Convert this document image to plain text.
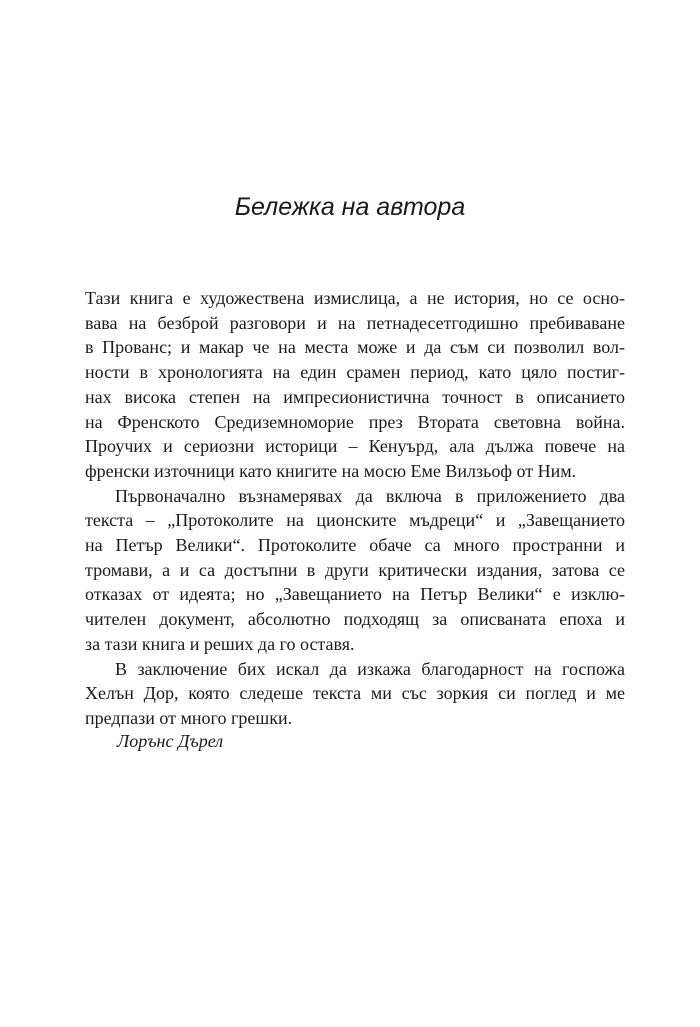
Бележка на автора
Тази книга е художествена измислица, а не история, но се осно-
вава на безброй разговори и на петнадесетгодишно пребиваване
в Прованс; и макар че на места може и да съм си позволил вол-
ности в хронологията на един срамен период, като цяло постиг-
нах висока степен на импресионистична точност в описанието
на Френското Средиземноморие през Втората световна война.
Проучих и сериозни историци – Кенуърд, ала дължа повече на
френски източници като книгите на мосю Еме Вилзьоф от Ним.
Първоначално възнамерявах да включа в приложението два
текста – „Протоколите на ционските мъдреци“ и „Завещанието
на Петър Велики“. Протоколите обаче са много пространни и
тромави, а и са достъпни в други критически издания, затова се
отказах от идеята; но „Завещанието на Петър Велики“ е изклю-
чителен документ, абсолютно подходящ за описваната епоха и
за тази книга и реших да го оставя.
В заключение бих искал да изкажа благодарност на госпожа
Хелън Дор, която следеше текста ми със зоркия си поглед и ме
предпази от много грешки.
Лорънс Дърел
